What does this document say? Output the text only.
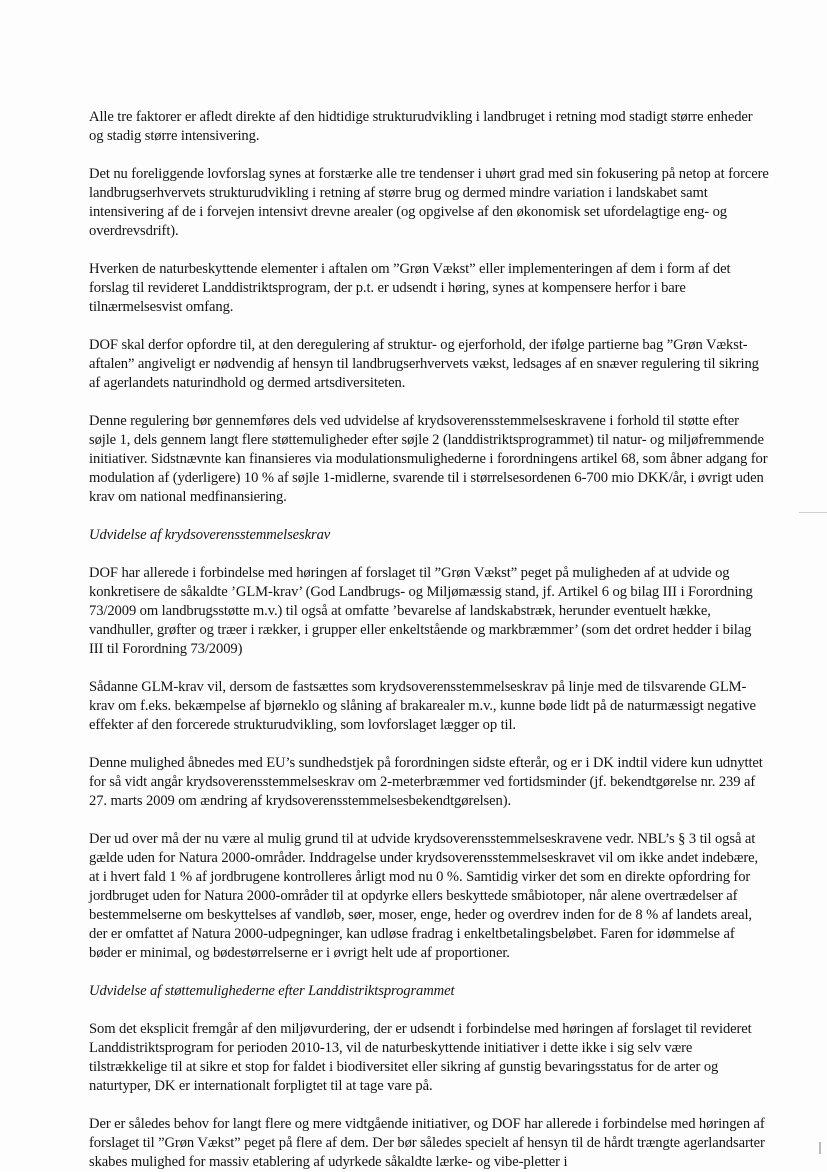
Alle tre faktorer er afledt direkte af den hidtidige strukturudvikling i landbruget i retning mod stadigt større enheder og stadig større intensivering.

Det nu foreliggende lovforslag synes at forstærke alle tre tendenser i uhørt grad med sin fokusering på netop at forcere landbrugserhvervets strukturudvikling i retning af større brug og dermed mindre variation i landskabet samt intensivering af de i forvejen intensivt drevne arealer (og opgivelse af den økonomisk set ufordelagtige eng- og overdrevsdrift).

Hverken de naturbeskyttende elementer i aftalen om ”Grøn Vækst” eller implementeringen af dem i form af det forslag til revideret Landdistriktsprogram, der p.t. er udsendt i høring, synes at kompensere herfor i bare tilnærmelsesvist omfang.

DOF skal derfor opfordre til, at den deregulering af struktur- og ejerforhold, der ifølge partierne bag ”Grøn Vækst-aftalen” angiveligt er nødvendig af hensyn til landbrugserhvervets vækst, ledsages af en snæver regulering til sikring af agerlandets naturindhold og dermed artsdiversiteten.

Denne regulering bør gennemføres dels ved udvidelse af krydsoverensstemmelseskravene i forhold til støtte efter søjle 1, dels gennem langt flere støttemuligheder efter søjle 2 (landdistriktsprogrammet) til natur- og miljøfremmende initiativer. Sidstnævnte kan finansieres via modulationsmulighederne i forordningens artikel 68, som åbner adgang for modulation af (yderligere) 10 % af søjle 1-midlerne, svarende til i størrelsesordenen 6-700 mio DKK/år, i øvrigt uden krav om national medfinansiering.

Udvidelse af krydsoverensstemmelseskrav

DOF har allerede i forbindelse med høringen af forslaget til ”Grøn Vækst” peget på muligheden af at udvide og konkretisere de såkaldte ’GLM-krav’ (God Landbrugs- og Miljømæssig stand, jf. Artikel 6 og bilag III i Forordning 73/2009 om landbrugsstøtte m.v.) til også at omfatte ’bevarelse af landskabstræk, herunder eventuelt hække, vandhuller, grøfter og træer i rækker, i grupper eller enkeltstående og markbræmmer’ (som det ordret hedder i bilag III til Forordning 73/2009)

Sådanne GLM-krav vil, dersom de fastsættes som krydsoverensstemmelseskrav på linje med de tilsvarende GLM-krav om f.eks. bekæmpelse af bjørneklo og slåning af brakarealer m.v., kunne bøde lidt på de naturmæssigt negative effekter af den forcerede strukturudvikling, som lovforslaget lægger op til.

Denne mulighed åbnedes med EU’s sundhedstjek på forordningen sidste efterår, og er i DK indtil videre kun udnyttet for så vidt angår krydsoverensstemmelseskrav om 2-meterbræmmer ved fortidsminder (jf. bekendtgørelse nr. 239 af 27. marts 2009 om ændring af krydsoverensstemmelsesbekendtgørelsen).

Der ud over må der nu være al mulig grund til at udvide krydsoverensstemmelseskravene vedr. NBL’s § 3 til også at gælde uden for Natura 2000-områder. Inddragelse under krydsoverensstemmelseskravet vil om ikke andet indebære, at i hvert fald 1 % af jordbrugene kontrolleres årligt mod nu 0 %. Samtidig virker det som en direkte opfordring for jordbruget uden for Natura 2000-områder til at opdyrke ellers beskyttede småbiotoper, når alene overtrædelser af bestemmelserne om beskyttelses af vandløb, søer, moser, enge, heder og overdrev inden for de 8 % af landets areal, der er omfattet af Natura 2000-udpegninger, kan udløse fradrag i enkeltbetalingsbeløbet. Faren for idømmelse af bøder er minimal, og bødestørrelserne er i øvrigt helt ude af proportioner.

Udvidelse af støttemulighederne efter Landdistriktsprogrammet

Som det eksplicit fremgår af den miljøvurdering, der er udsendt i forbindelse med høringen af forslaget til revideret Landdistriktsprogram for perioden 2010-13, vil de naturbeskyttende initiativer i dette ikke i sig selv være tilstrækkelige til at sikre et stop for faldet i biodiversitet eller sikring af gunstig bevaringsstatus for de arter og naturtyper, DK er internationalt forpligtet til at tage vare på.

Der er således behov for langt flere og mere vidtgående initiativer, og DOF har allerede i forbindelse med høringen af forslaget til ”Grøn Vækst” peget på flere af dem. Der bør således specielt af hensyn til de hårdt trængte agerlandsarter skabes mulighed for massiv etablering af udyrkede såkaldte lærke- og vibe-pletter i
